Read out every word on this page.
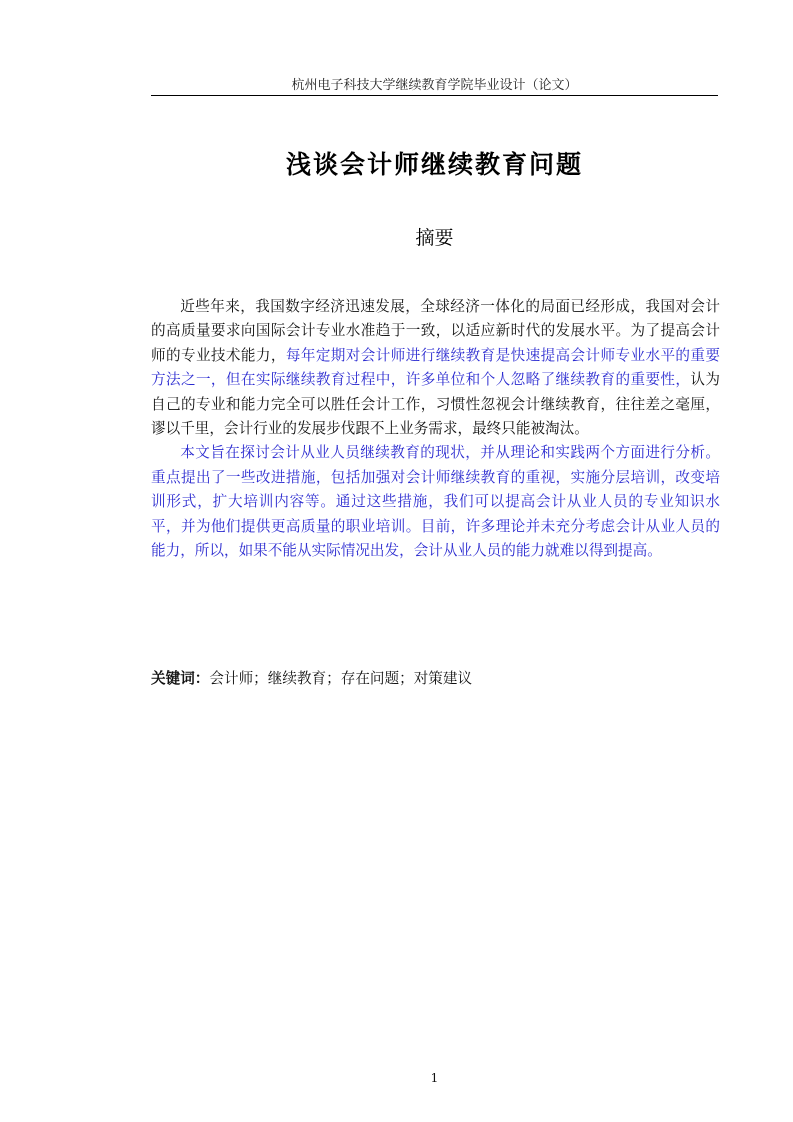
杭州电子科技大学继续教育学院毕业设计（论文）
浅谈会计师继续教育问题
摘要

近些年来，我国数字经济迅速发展，全球经济一体化的局面已经形成，我国对会计的高质量要求向国际会计专业水准趋于一致，以适应新时代的发展水平。为了提高会计师的专业技术能力，每年定期对会计师进行继续教育是快速提高会计师专业水平的重要方法之一，但在实际继续教育过程中，许多单位和个人忽略了继续教育的重要性，认为自己的专业和能力完全可以胜任会计工作，习惯性忽视会计继续教育，往往差之毫厘，谬以千里，会计行业的发展步伐跟不上业务需求，最终只能被淘汰。

本文旨在探讨会计从业人员继续教育的现状，并从理论和实践两个方面进行分析。重点提出了一些改进措施，包括加强对会计师继续教育的重视，实施分层培训，改变培训形式，扩大培训内容等。通过这些措施，我们可以提高会计从业人员的专业知识水平，并为他们提供更高质量的职业培训。目前，许多理论并未充分考虑会计从业人员的能力，所以，如果不能从实际情况出发，会计从业人员的能力就难以得到提高。

关键词：会计师；继续教育；存在问题；对策建议
1
